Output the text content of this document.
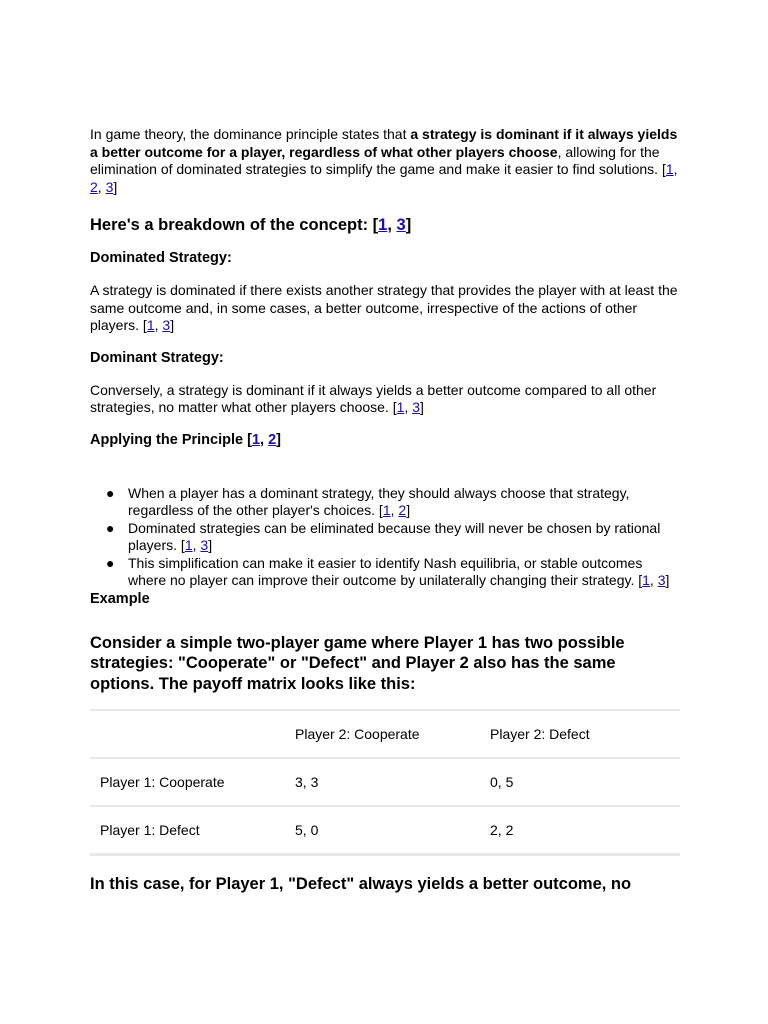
In game theory, the dominance principle states that a strategy is dominant if it always yields a better outcome for a player, regardless of what other players choose, allowing for the elimination of dominated strategies to simplify the game and make it easier to find solutions. [1, 2, 3]

Here's a breakdown of the concept: [1, 3]
Dominated Strategy:

A strategy is dominated if there exists another strategy that provides the player with at least the same outcome and, in some cases, a better outcome, irrespective of the actions of other players. [1, 3]

Dominant Strategy:

Conversely, a strategy is dominant if it always yields a better outcome compared to all other strategies, no matter what other players choose. [1, 3]

Applying the Principle [1, 2]
● When a player has a dominant strategy, they should always choose that strategy, regardless of the other player's choices. [1, 2]
● Dominated strategies can be eliminated because they will never be chosen by rational players. [1, 3]
● This simplification can make it easier to identify Nash equilibria, or stable outcomes where no player can improve their outcome by unilaterally changing their strategy. [1, 3]

Example

Consider a simple two-player game where Player 1 has two possible strategies: "Cooperate" or "Defect" and Player 2 also has the same options. The payoff matrix looks like this:

	Player 2: Cooperate	Player 2: Defect
Player 1: Cooperate	3, 3	0, 5
Player 1: Defect	5, 0	2, 2

In this case, for Player 1, "Defect" always yields a better outcome, no
